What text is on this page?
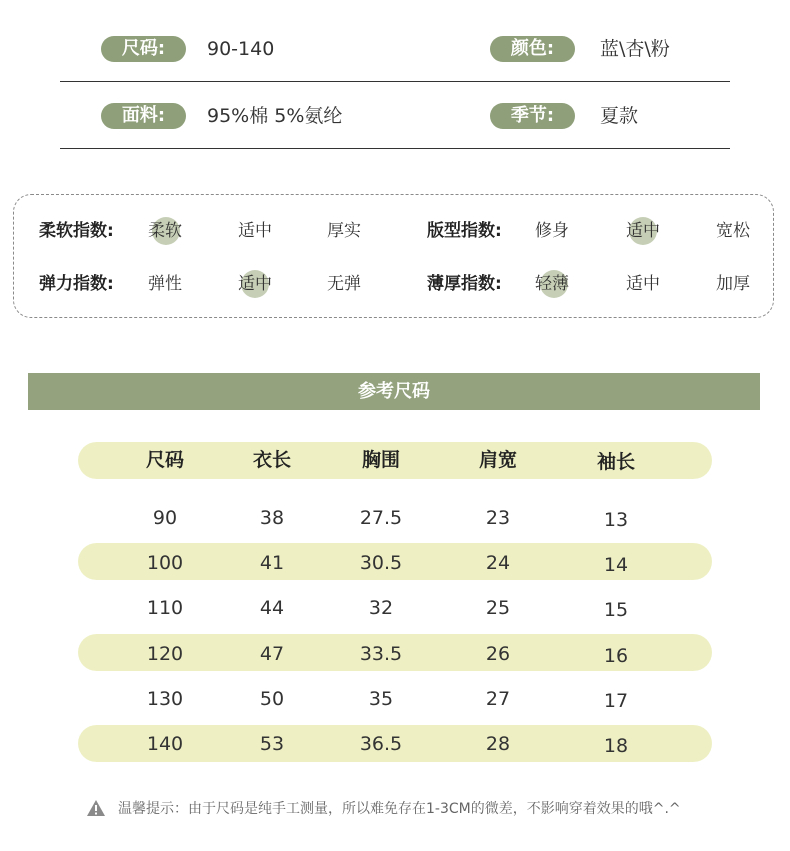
尺码:	90-140	颜色:	蓝\杏\粉
面料:	95%棉 5%氨纶	季节:	夏款
柔软指数:	柔软	适中	厚实	版型指数:	修身	适中	宽松
弹力指数:	弹性	适中	无弹	薄厚指数:	轻薄	适中	加厚
参考尺码
尺码	衣长	胸围	肩宽	袖长
90	38	27.5	23	13
100	41	30.5	24	14
110	44	32	25	15
120	47	33.5	26	16
130	50	35	27	17
140	53	36.5	28	18
温馨提示：由于尺码是纯手工测量，所以难免存在1-3CM的微差，不影响穿着效果的哦^.^
